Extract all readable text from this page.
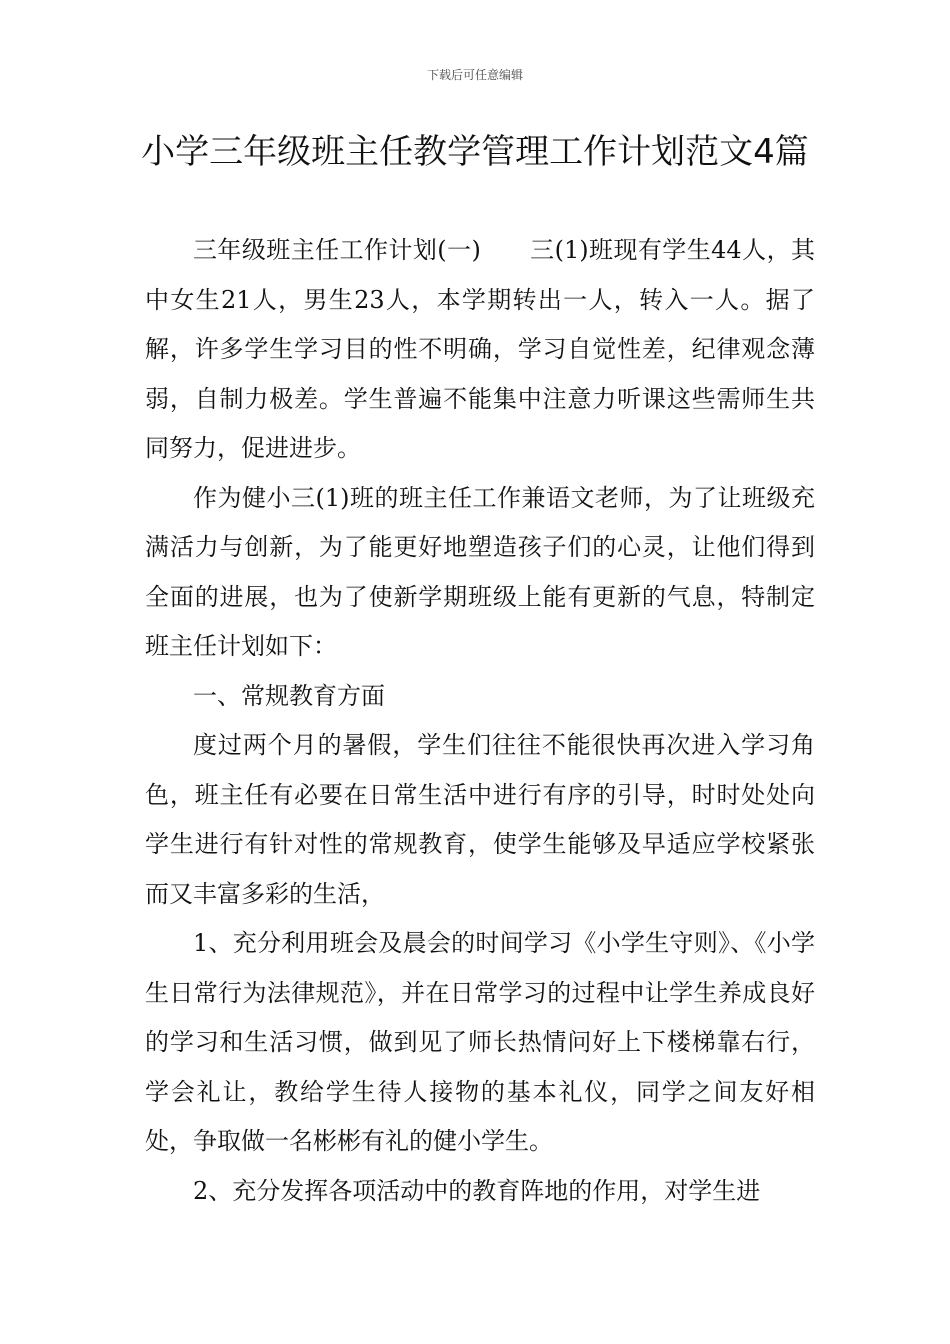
下载后可任意编辑
小学三年级班主任教学管理工作计划范文4篇

三年级班主任工作计划(一)　　三(1)班现有学生44人，其中女生21人，男生23人，本学期转出一人，转入一人。据了解，许多学生学习目的性不明确，学习自觉性差，纪律观念薄弱，自制力极差。学生普遍不能集中注意力听课这些需师生共同努力，促进进步。

作为健小三(1)班的班主任工作兼语文老师，为了让班级充满活力与创新，为了能更好地塑造孩子们的心灵，让他们得到全面的进展，也为了使新学期班级上能有更新的气息，特制定班主任计划如下：

一、常规教育方面

度过两个月的暑假，学生们往往不能很快再次进入学习角色，班主任有必要在日常生活中进行有序的引导，时时处处向学生进行有针对性的常规教育，使学生能够及早适应学校紧张而又丰富多彩的生活，

1、充分利用班会及晨会的时间学习《小学生守则》、《小学生日常行为法律规范》，并在日常学习的过程中让学生养成良好的学习和生活习惯，做到见了师长热情问好上下楼梯靠右行，学会礼让，教给学生待人接物的基本礼仪，同学之间友好相处，争取做一名彬彬有礼的健小学生。

2、充分发挥各项活动中的教育阵地的作用，对学生进
